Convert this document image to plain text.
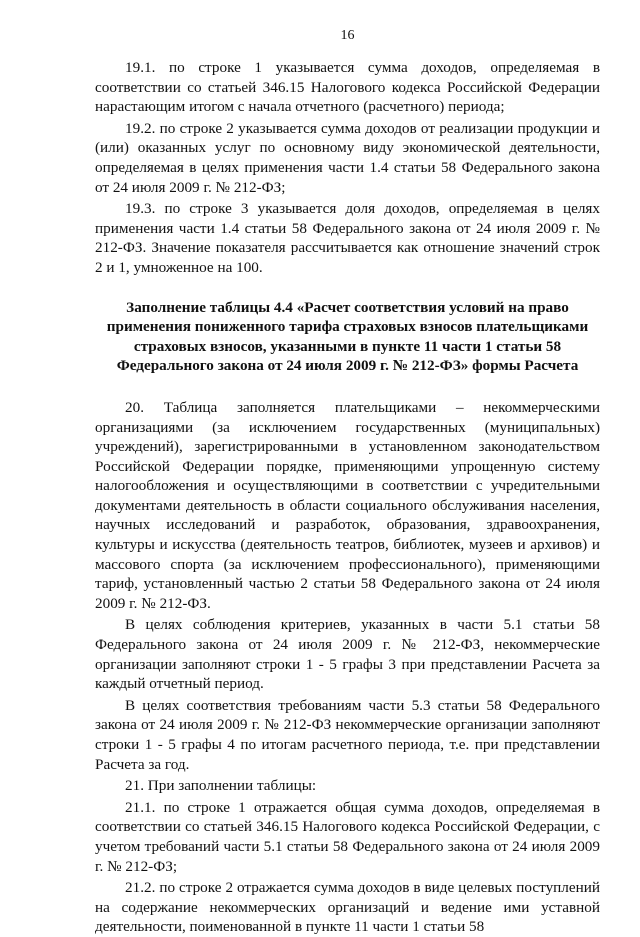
16

19.1. по строке 1 указывается сумма доходов, определяемая в соответствии со статьей 346.15 Налогового кодекса Российской Федерации нарастающим итогом с начала отчетного (расчетного) периода;

19.2. по строке 2 указывается сумма доходов от реализации продукции и (или) оказанных услуг по основному виду экономической деятельности, определяемая в целях применения части 1.4 статьи 58 Федерального закона от 24 июля 2009 г. № 212-ФЗ;

19.3. по строке 3 указывается доля доходов, определяемая в целях применения части 1.4 статьи 58 Федерального закона от 24 июля 2009 г. № 212-ФЗ. Значение показателя рассчитывается как отношение значений строк 2 и 1, умноженное на 100.

Заполнение таблицы 4.4 «Расчет соответствия условий на право применения пониженного тарифа страховых взносов плательщиками страховых взносов, указанными в пункте 11 части 1 статьи 58 Федерального закона от 24 июля 2009 г. № 212-ФЗ» формы Расчета

20. Таблица заполняется плательщиками – некоммерческими организациями (за исключением государственных (муниципальных) учреждений), зарегистрированными в установленном законодательством Российской Федерации порядке, применяющими упрощенную систему налогообложения и осуществляющими в соответствии с учредительными документами деятельность в области социального обслуживания населения, научных исследований и разработок, образования, здравоохранения, культуры и искусства (деятельность театров, библиотек, музеев и архивов) и массового спорта (за исключением профессионального), применяющими тариф, установленный частью 2 статьи 58 Федерального закона от 24 июля 2009 г. № 212-ФЗ.

В целях соблюдения критериев, указанных в части 5.1 статьи 58 Федерального закона от 24 июля 2009 г. № 212-ФЗ, некоммерческие организации заполняют строки 1 - 5 графы 3 при представлении Расчета за каждый отчетный период.

В целях соответствия требованиям части 5.3 статьи 58 Федерального закона от 24 июля 2009 г. № 212-ФЗ некоммерческие организации заполняют строки 1 - 5 графы 4 по итогам расчетного периода, т.е. при представлении Расчета за год.

21. При заполнении таблицы:

21.1. по строке 1 отражается общая сумма доходов, определяемая в соответствии со статьей 346.15 Налогового кодекса Российской Федерации, с учетом требований части 5.1 статьи 58 Федерального закона от 24 июля 2009 г. № 212-ФЗ;

21.2. по строке 2 отражается сумма доходов в виде целевых поступлений на содержание некоммерческих организаций и ведение ими уставной деятельности, поименованной в пункте 11 части 1 статьи 58
